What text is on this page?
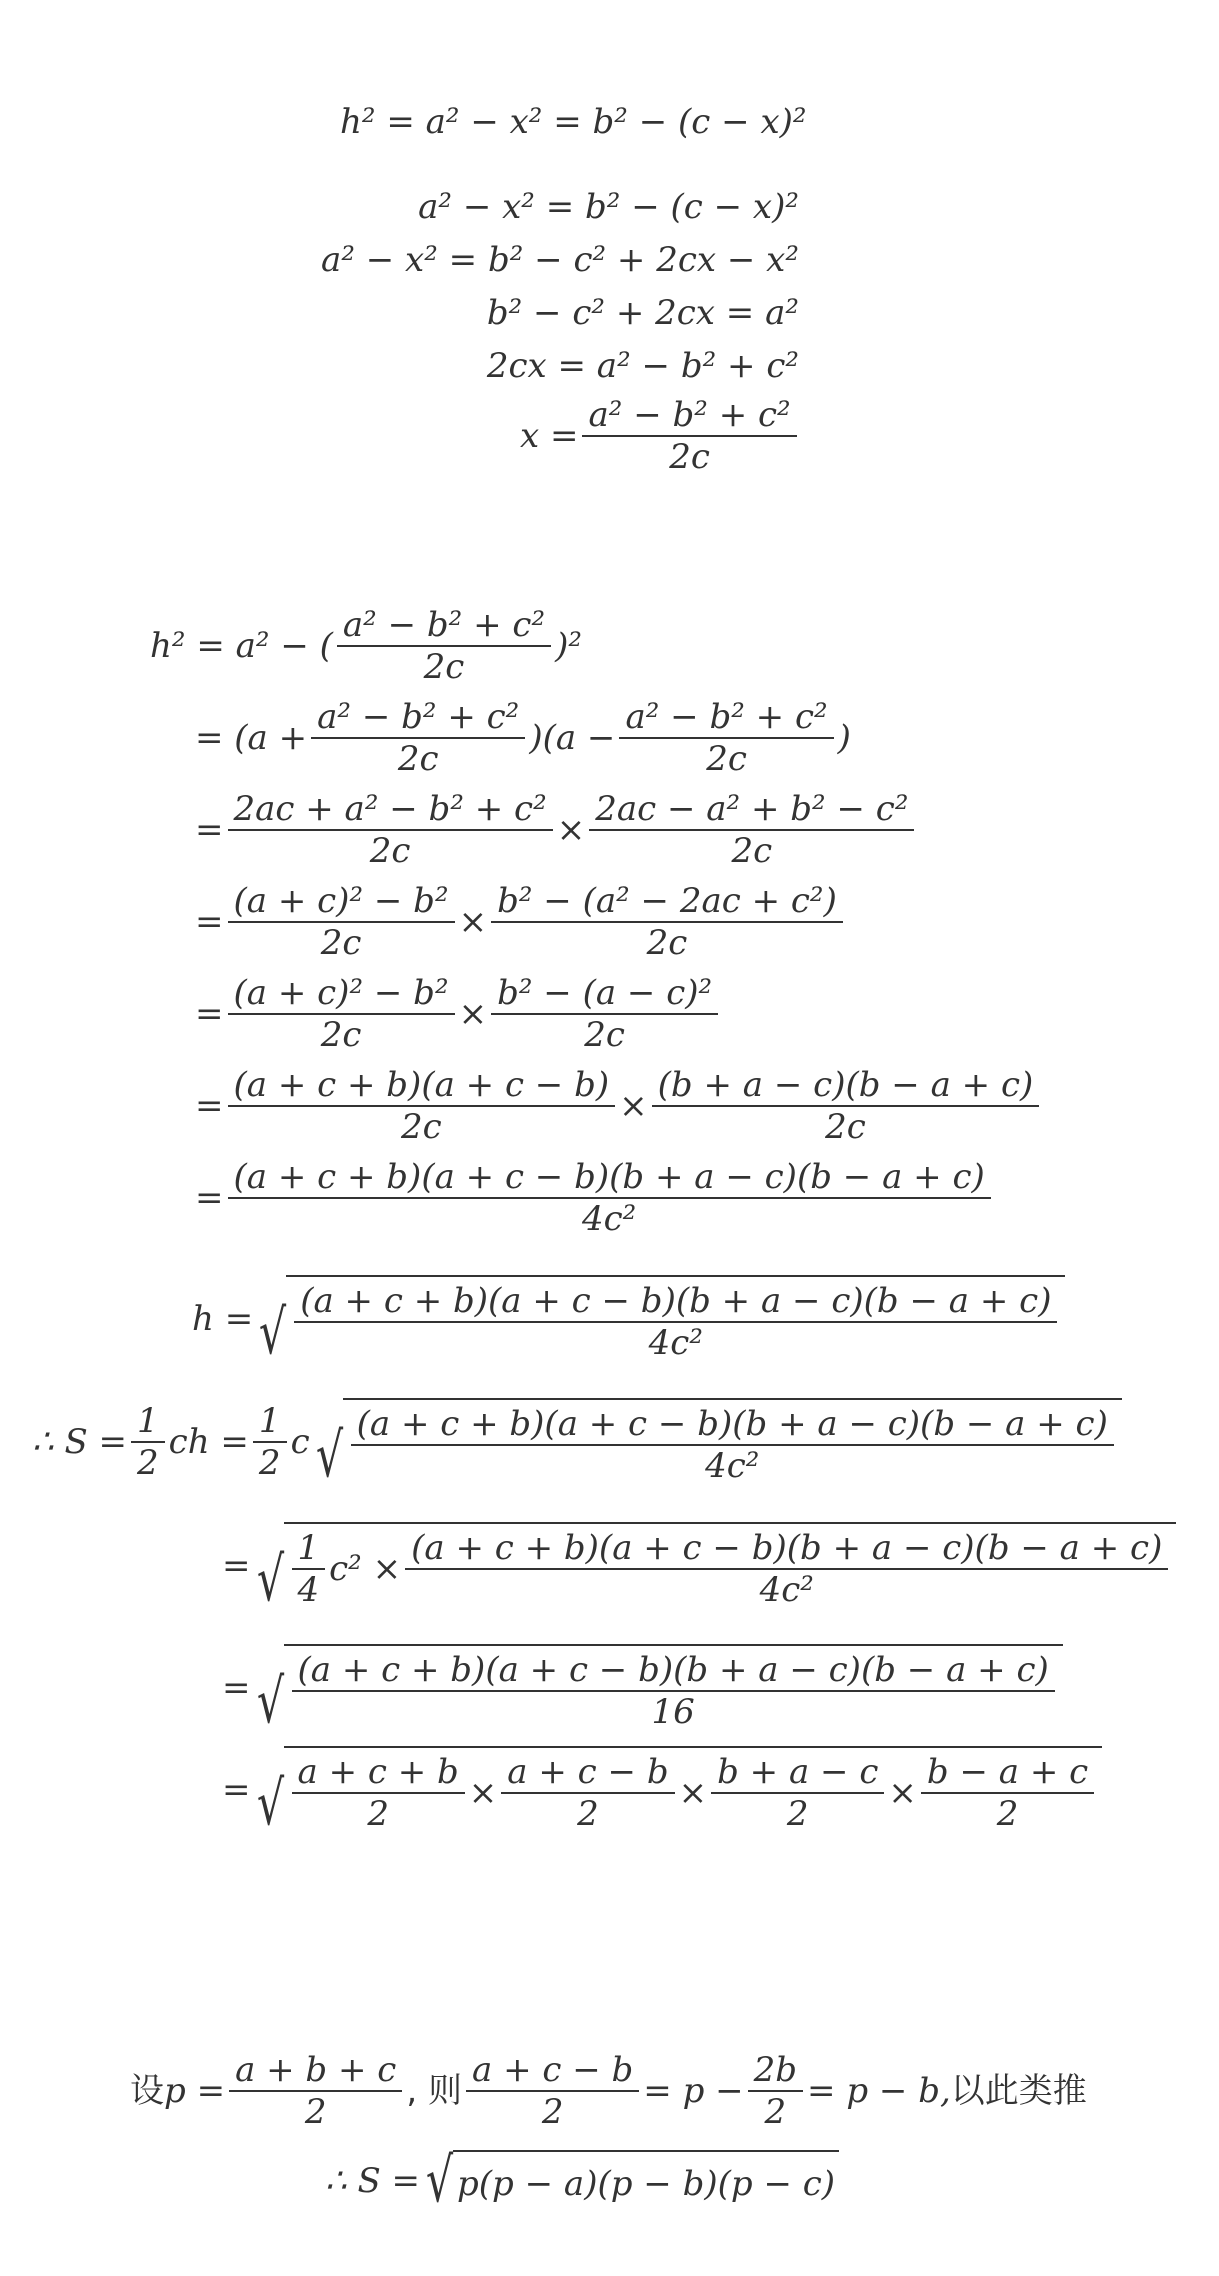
h² = a² − x² = b² − (c − x)²
a² − x² = b² − (c − x)²
a² − x² = b² − c² + 2cx − x²
b² − c² + 2cx = a²
2cx = a² − b² + c²
$x = \frac{\text{a² − b² + c²}}{2c}$
h² = a² − ( $\frac{\text{a² − b² + c²}}{2c} )^2$
= $(a + \frac{\text{a² − b² + c²}}{2c} )(a - \frac{\text{a² − b² + c²}}{2c}$ )
= $\frac{\text{2ac + a² − b² + c²}}{2c} \times \frac{\text{2ac − a² + b² − c²}}{2c}$
= $\frac{\text{(a + c)² − b²}}{2c} \times \frac{\text{b² − (a² − 2ac + c²)}}{2c}$
= $\frac{\text{(a + c)² − b²}}{2c} \times \frac{\text{b² − (a − c)²}}{2c}$
= $\frac{(a + c + b)(a + c - b)}{2c} \times \frac{(b + a - c)(b - a + c)}{2c}$
= $\frac{(a + c + b)(a + c - b)(b + a - c)(b - a + c)}{\text{4c²}}$
h = √ $\frac{(a + c + b)(a + c - b)(b + a - c)(b - a + c)}{\text{4c²}}$
∴ $S = \frac{1}{2}$ ch = $\frac{1}{2}$ c √ $\frac{(a + c + b)(a + c - b)(b + a - c)(b - a + c)}{\text{4c²}}$
= √ $\frac{1}{4} c^2 \times \frac{(a + c + b)(a + c - b)(b + a - c)(b - a + c)}{\text{4c²}}$
= √ $\frac{(a + c + b)(a + c - b)(b + a - c)(b - a + c)}{16}$
= √ $\frac{a + c + b}{2} \times \frac{a + c - b}{2} \times \frac{b + a - c}{2} \times \frac{b - a + c}{2}$
设 $p = \frac{a + b + c}{2}$ , 则 $\frac{a + c - b}{2} = p - \frac{2b}{2} = p - b$, 以此类推
∴ S = √ p(p − a)(p − b)(p − c)
